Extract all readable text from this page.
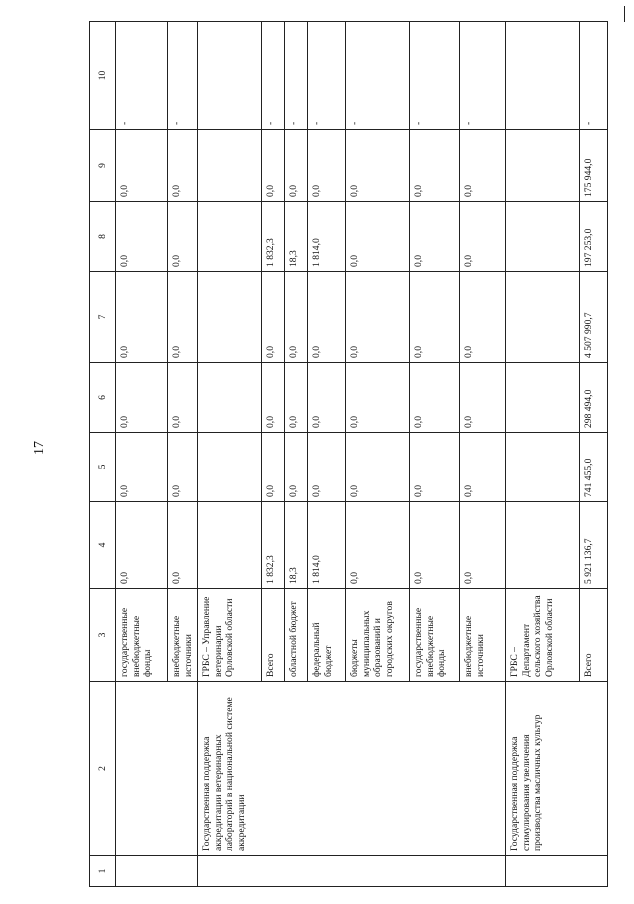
17
1	2	3	4	5	6	7	8	9	10
		государственные внебюджетные фонды	0,0	0,0	0,0	0,0	0,0	0,0	-
		внебюджетные источники	0,0	0,0	0,0	0,0	0,0	0,0	-
	Государственная поддержка аккредитации ветеринарных лабораторий в национальной системе аккредитации	ГРБС – Управление ветеринарии Орловской области							
		Всего	1 832,3	0,0	0,0	0,0	1 832,3	0,0	-
		областной бюджет	18,3	0,0	0,0	0,0	18,3	0,0	-
		федеральный бюджет	1 814,0	0,0	0,0	0,0	1 814,0	0,0	-
		бюджеты муниципальных образований и городских округов	0,0	0,0	0,0	0,0	0,0	0,0	-
		государственные внебюджетные фонды	0,0	0,0	0,0	0,0	0,0	0,0	-
		внебюджетные источники	0,0	0,0	0,0	0,0	0,0	0,0	-
	Государственная поддержка стимулирования увеличения производства масличных культур	ГРБС – Департамент сельского хозяйства Орловской области							
		Всего	5 921 136,7	741 455,0	298 494,0	4 507 990,7	197 253,0	175 944,0	-
